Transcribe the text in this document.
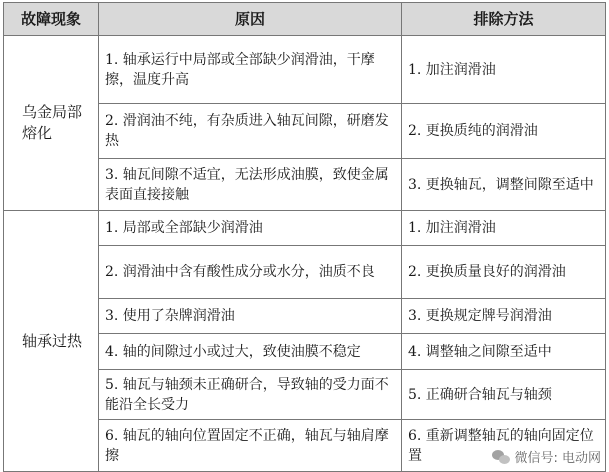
故障现象	原因	排除方法
乌金局部熔化	1. 轴承运行中局部或全部缺少润滑油，干摩擦，温度升高	1. 加注润滑油
	2. 滑润油不纯，有杂质进入轴瓦间隙，研磨发热	2. 更换质纯的润滑油
	3. 轴瓦间隙不适宜，无法形成油膜，致使金属表面直接接触	3. 更换轴瓦，调整间隙至适中
轴承过热	1. 局部或全部缺少润滑油	1. 加注润滑油
	2. 润滑油中含有酸性成分或水分，油质不良	2. 更换质量良好的润滑油
	3. 使用了杂牌润滑油	3. 更换规定牌号润滑油
	4. 轴的间隙过小或过大，致使油膜不稳定	4. 调整轴之间隙至适中
	5. 轴瓦与轴颈未正确研合，导致轴的受力面不能沿全长受力	5. 正确研合轴瓦与轴颈
	6. 轴瓦的轴向位置固定不正确，轴瓦与轴肩摩擦	6. 重新调整轴瓦的轴向固定位置	微信号: 电动网
